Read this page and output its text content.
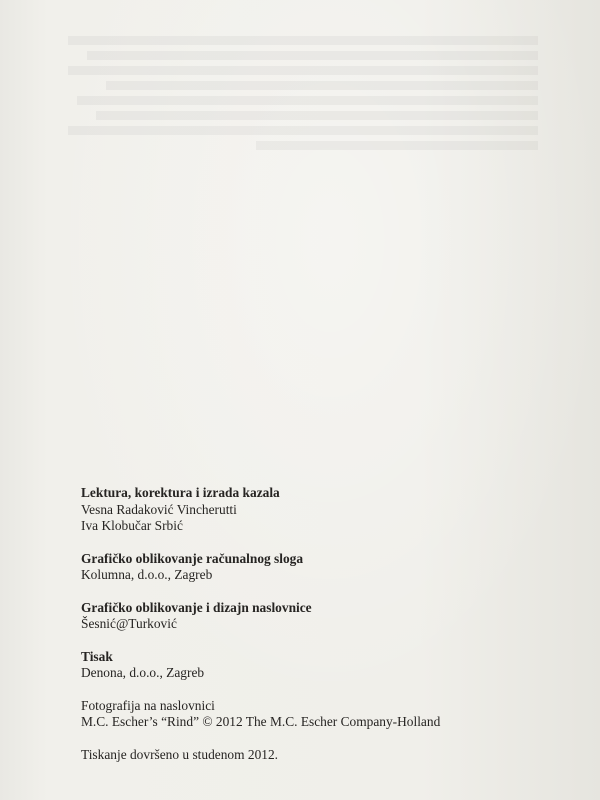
Lektura, korektura i izrada kazala
Vesna Radaković Vincherutti
Iva Klobučar Srbić
Grafičko oblikovanje računalnog sloga
Kolumna, d.o.o., Zagreb
Grafičko oblikovanje i dizajn naslovnice
Šesnić@Turković
Tisak
Denona, d.o.o., Zagreb
Fotografija na naslovnici
M.C. Escher’s “Rind” © 2012 The M.C. Escher Company-Holland
Tiskanje dovršeno u studenom 2012.
